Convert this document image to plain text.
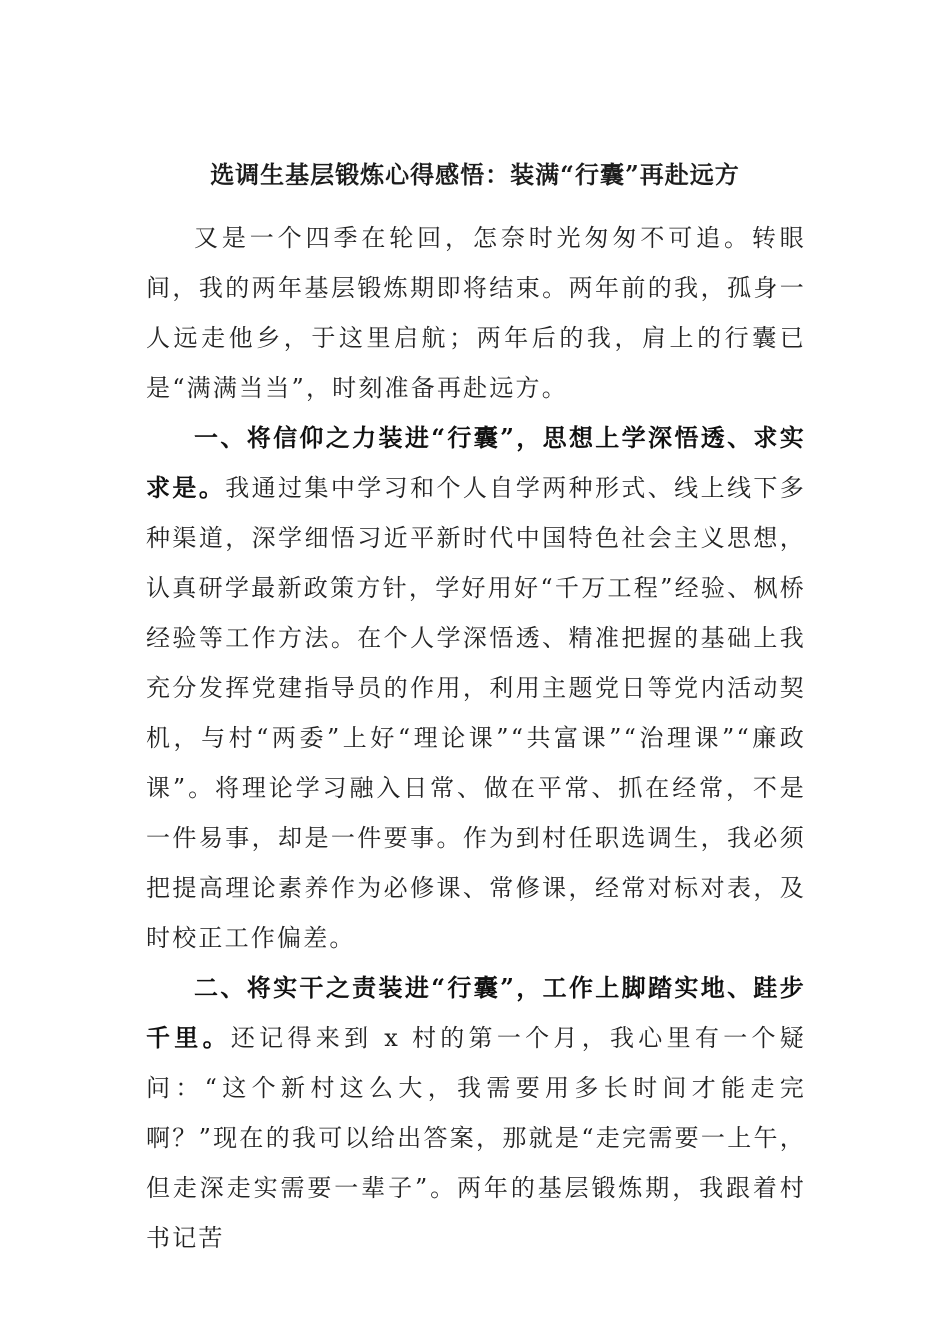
选调生基层锻炼心得感悟：装满“行囊”再赴远方

又是一个四季在轮回，怎奈时光匆匆不可追。转眼间，我的两年基层锻炼期即将结束。两年前的我，孤身一人远走他乡，于这里启航；两年后的我，肩上的行囊已是“满满当当”，时刻准备再赴远方。

一、将信仰之力装进“行囊”，思想上学深悟透、求实求是。我通过集中学习和个人自学两种形式、线上线下多种渠道，深学细悟习近平新时代中国特色社会主义思想，认真研学最新政策方针，学好用好“千万工程”经验、枫桥经验等工作方法。在个人学深悟透、精准把握的基础上我充分发挥党建指导员的作用，利用主题党日等党内活动契机，与村“两委”上好“理论课”“共富课”“治理课”“廉政课”。将理论学习融入日常、做在平常、抓在经常，不是一件易事，却是一件要事。作为到村任职选调生，我必须把提高理论素养作为必修课、常修课，经常对标对表，及时校正工作偏差。

二、将实干之责装进“行囊”，工作上脚踏实地、跬步千里。还记得来到 x 村的第一个月，我心里有一个疑问：“这个新村这么大，我需要用多长时间才能走完啊？”现在的我可以给出答案，那就是“走完需要一上午，但走深走实需要一辈子”。两年的基层锻炼期，我跟着村书记苦
